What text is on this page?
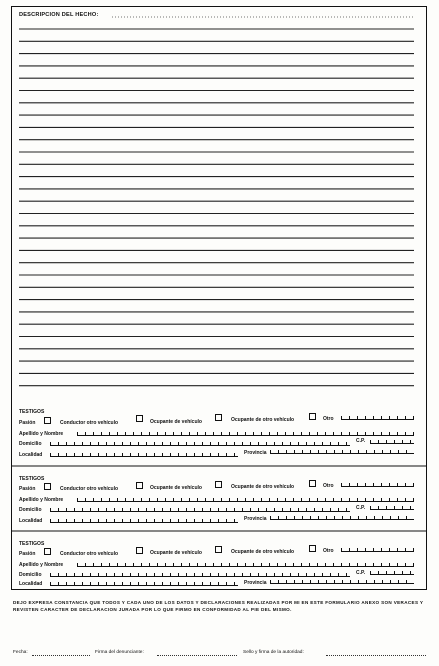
DESCRIPCION DEL HECHO:
TESTIGOS
Pasión	Conductor otro vehículo	Ocupante de vehículo	Ocupante de otro vehículo	Otro
Apellido y Nombre
Domicilio	C.P.
Localidad	Provincia
TESTIGOS
Pasión	Conductor otro vehículo	Ocupante de vehículo	Ocupante de otro vehículo	Otro
Apellido y Nombre
Domicilio	C.P.
Localidad	Provincia
TESTIGOS
Pasión	Conductor otro vehículo	Ocupante de vehículo	Ocupante de otro vehículo	Otro
Apellido y Nombre
Domicilio	C.P.
Localidad	Provincia
DEJO EXPRESA CONSTANCIA QUE TODOS Y CADA UNO DE LOS DATOS Y DECLARACIONES REALIZADAS POR MI EN ESTE FORMULARIO ANEXO SON VERACES Y REVISTEN CARACTER DE DECLARACION JURADA POR LO QUE FIRMO EN CONFORMIDAD AL PIE DEL MISMO.
Fecha:	Firma del denunciante:	Sello y firma de la autoridad:
